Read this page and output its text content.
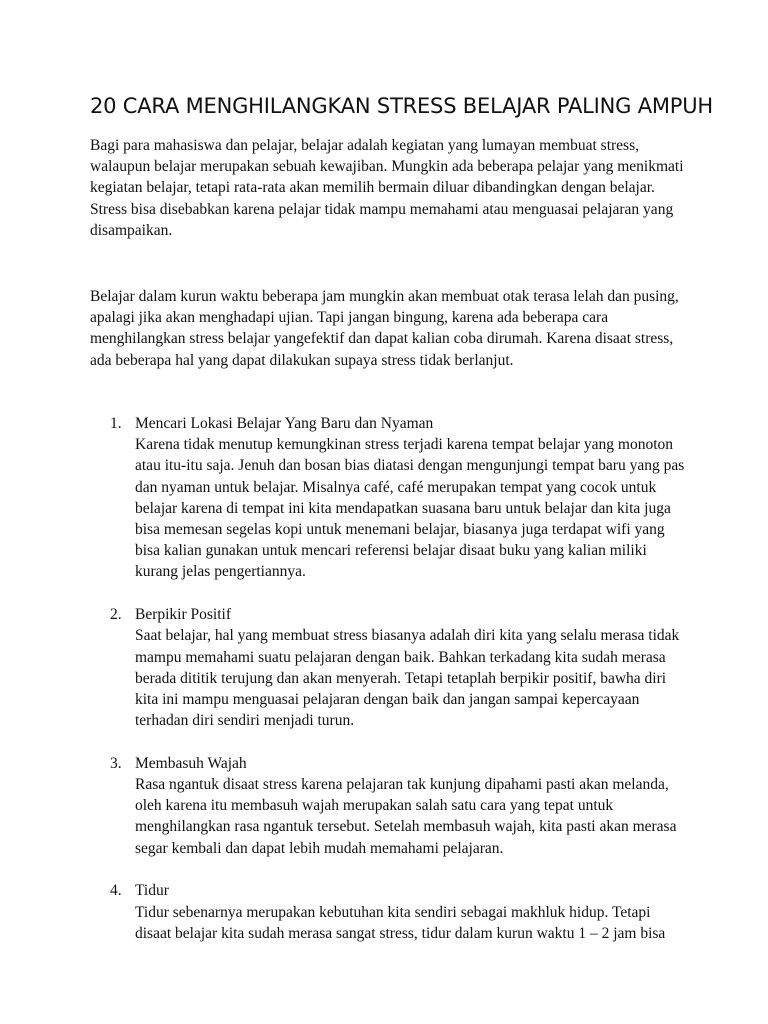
20 CARA MENGHILANGKAN STRESS BELAJAR PALING AMPUH

Bagi para mahasiswa dan pelajar, belajar adalah kegiatan yang lumayan membuat stress, walaupun belajar merupakan sebuah kewajiban. Mungkin ada beberapa pelajar yang menikmati kegiatan belajar, tetapi rata-rata akan memilih bermain diluar dibandingkan dengan belajar. Stress bisa disebabkan karena pelajar tidak mampu memahami atau menguasai pelajaran yang disampaikan.

Belajar dalam kurun waktu beberapa jam mungkin akan membuat otak terasa lelah dan pusing, apalagi jika akan menghadapi ujian. Tapi jangan bingung, karena ada beberapa cara menghilangkan stress belajar yangefektif dan dapat kalian coba dirumah. Karena disaat stress, ada beberapa hal yang dapat dilakukan supaya stress tidak berlanjut.

1. Mencari Lokasi Belajar Yang Baru dan Nyaman
Karena tidak menutup kemungkinan stress terjadi karena tempat belajar yang monoton atau itu-itu saja. Jenuh dan bosan bias diatasi dengan mengunjungi tempat baru yang pas dan nyaman untuk belajar. Misalnya café, café merupakan tempat yang cocok untuk belajar karena di tempat ini kita mendapatkan suasana baru untuk belajar dan kita juga bisa memesan segelas kopi untuk menemani belajar, biasanya juga terdapat wifi yang bisa kalian gunakan untuk mencari referensi belajar disaat buku yang kalian miliki kurang jelas pengertiannya.
2. Berpikir Positif
Saat belajar, hal yang membuat stress biasanya adalah diri kita yang selalu merasa tidak mampu memahami suatu pelajaran dengan baik. Bahkan terkadang kita sudah merasa berada dititik terujung dan akan menyerah. Tetapi tetaplah berpikir positif, bawha diri kita ini mampu menguasai pelajaran dengan baik dan jangan sampai kepercayaan terhadan diri sendiri menjadi turun.
3. Membasuh Wajah
Rasa ngantuk disaat stress karena pelajaran tak kunjung dipahami pasti akan melanda, oleh karena itu membasuh wajah merupakan salah satu cara yang tepat untuk menghilangkan rasa ngantuk tersebut. Setelah membasuh wajah, kita pasti akan merasa segar kembali dan dapat lebih mudah memahami pelajaran.
4. Tidur
Tidur sebenarnya merupakan kebutuhan kita sendiri sebagai makhluk hidup. Tetapi disaat belajar kita sudah merasa sangat stress, tidur dalam kurun waktu 1 – 2 jam bisa
